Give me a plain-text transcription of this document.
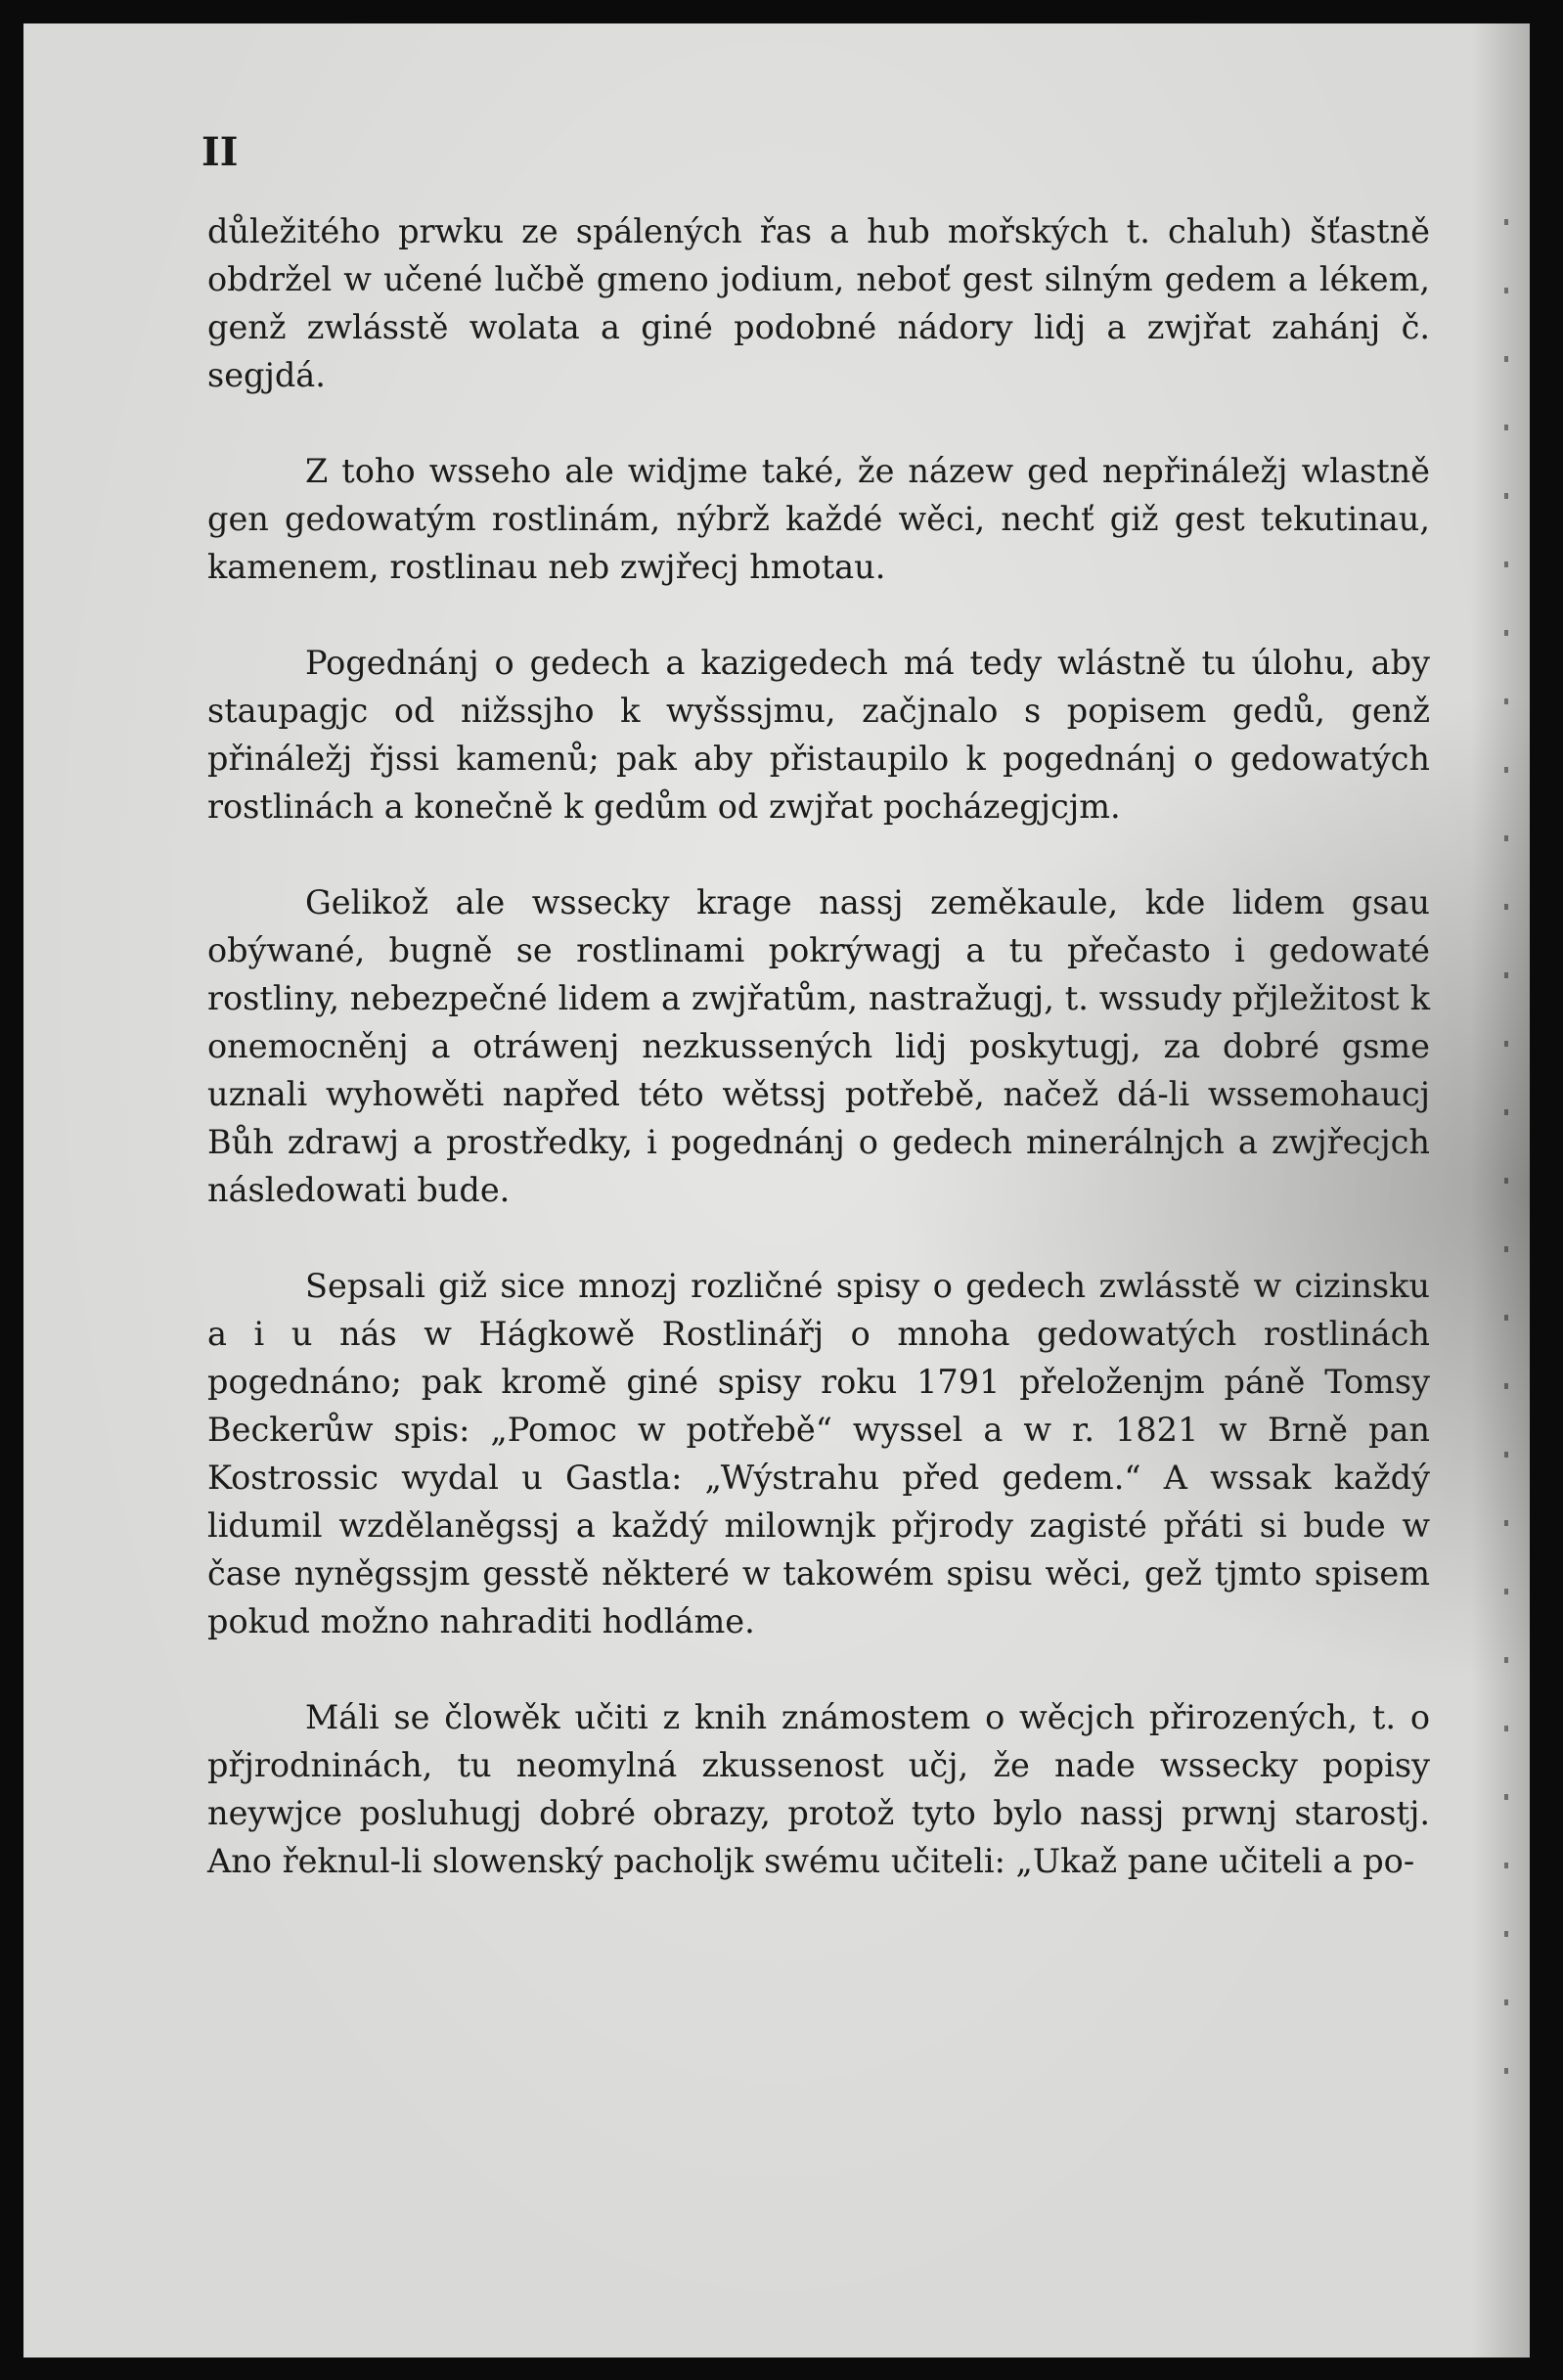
II

důležitého prwku ze spálených řas a hub mořských t. chaluh) šťastně obdržel w učené lučbě gmeno jodium, neboť gest silným gedem a lékem, genž zwlásstě wolata a giné podobné nádory lidj a zwjřat zahánj č. segjdá.

Z toho wsseho ale widjme také, že názew ged nepřináležj wlastně gen gedowatým rostlinám, nýbrž každé wěci, nechť giž gest tekutinau, kamenem, rostlinau neb zwjřecj hmotau.

Pogednánj o gedech a kazigedech má tedy wlástně tu úlohu, aby staupagjc od nižssjho k wyšssjmu, začjnalo s popisem gedů, genž přináležj řjssi kamenů; pak aby přistaupilo k pogednánj o gedowatých rostlinách a konečně k gedům od zwjřat pocházegjcjm.

Gelikož ale wssecky krage nassj zeměkaule, kde lidem gsau obýwané, bugně se rostlinami pokrýwagj a tu přečasto i gedowaté rostliny, nebezpečné lidem a zwjřatům, nastražugj, t. wssudy přjležitost k onemocněnj a otráwenj nezkussených lidj poskytugj, za dobré gsme uznali wyhowěti napřed této wětssj potřebě, načež dá-li wssemohaucj Bůh zdrawj a prostředky, i pogednánj o gedech minerálnjch a zwjřecjch následowati bude.

Sepsali giž sice mnozj rozličné spisy o gedech zwlásstě w cizinsku a i u nás w Hágkowě Rostlinářj o mnoha gedowatých rostlinách pogednáno; pak kromě giné spisy roku 1791 přeloženjm páně Tomsy Beckerůw spis: „Pomoc w potřebě“ wyssel a w r. 1821 w Brně pan Kostrossic wydal u Gastla: „Wýstrahu před gedem.“ A wssak každý lidumil wzdělaněgssj a každý milownjk přjrody zagisté přáti si bude w čase nyněgssjm gesstě některé w takowém spisu wěci, gež tjmto spisem pokud možno nahraditi hodláme.

Máli se člowěk učiti z knih známostem o wěcjch přirozených, t. o přjrodninách, tu neomylná zkussenost učj, že nade wssecky popisy neywjce posluhugj dobré obrazy, protož tyto bylo nassj prwnj starostj. Ano řeknul-li slowenský pacholjk swému učiteli: „Ukaž pane učiteli a po-
